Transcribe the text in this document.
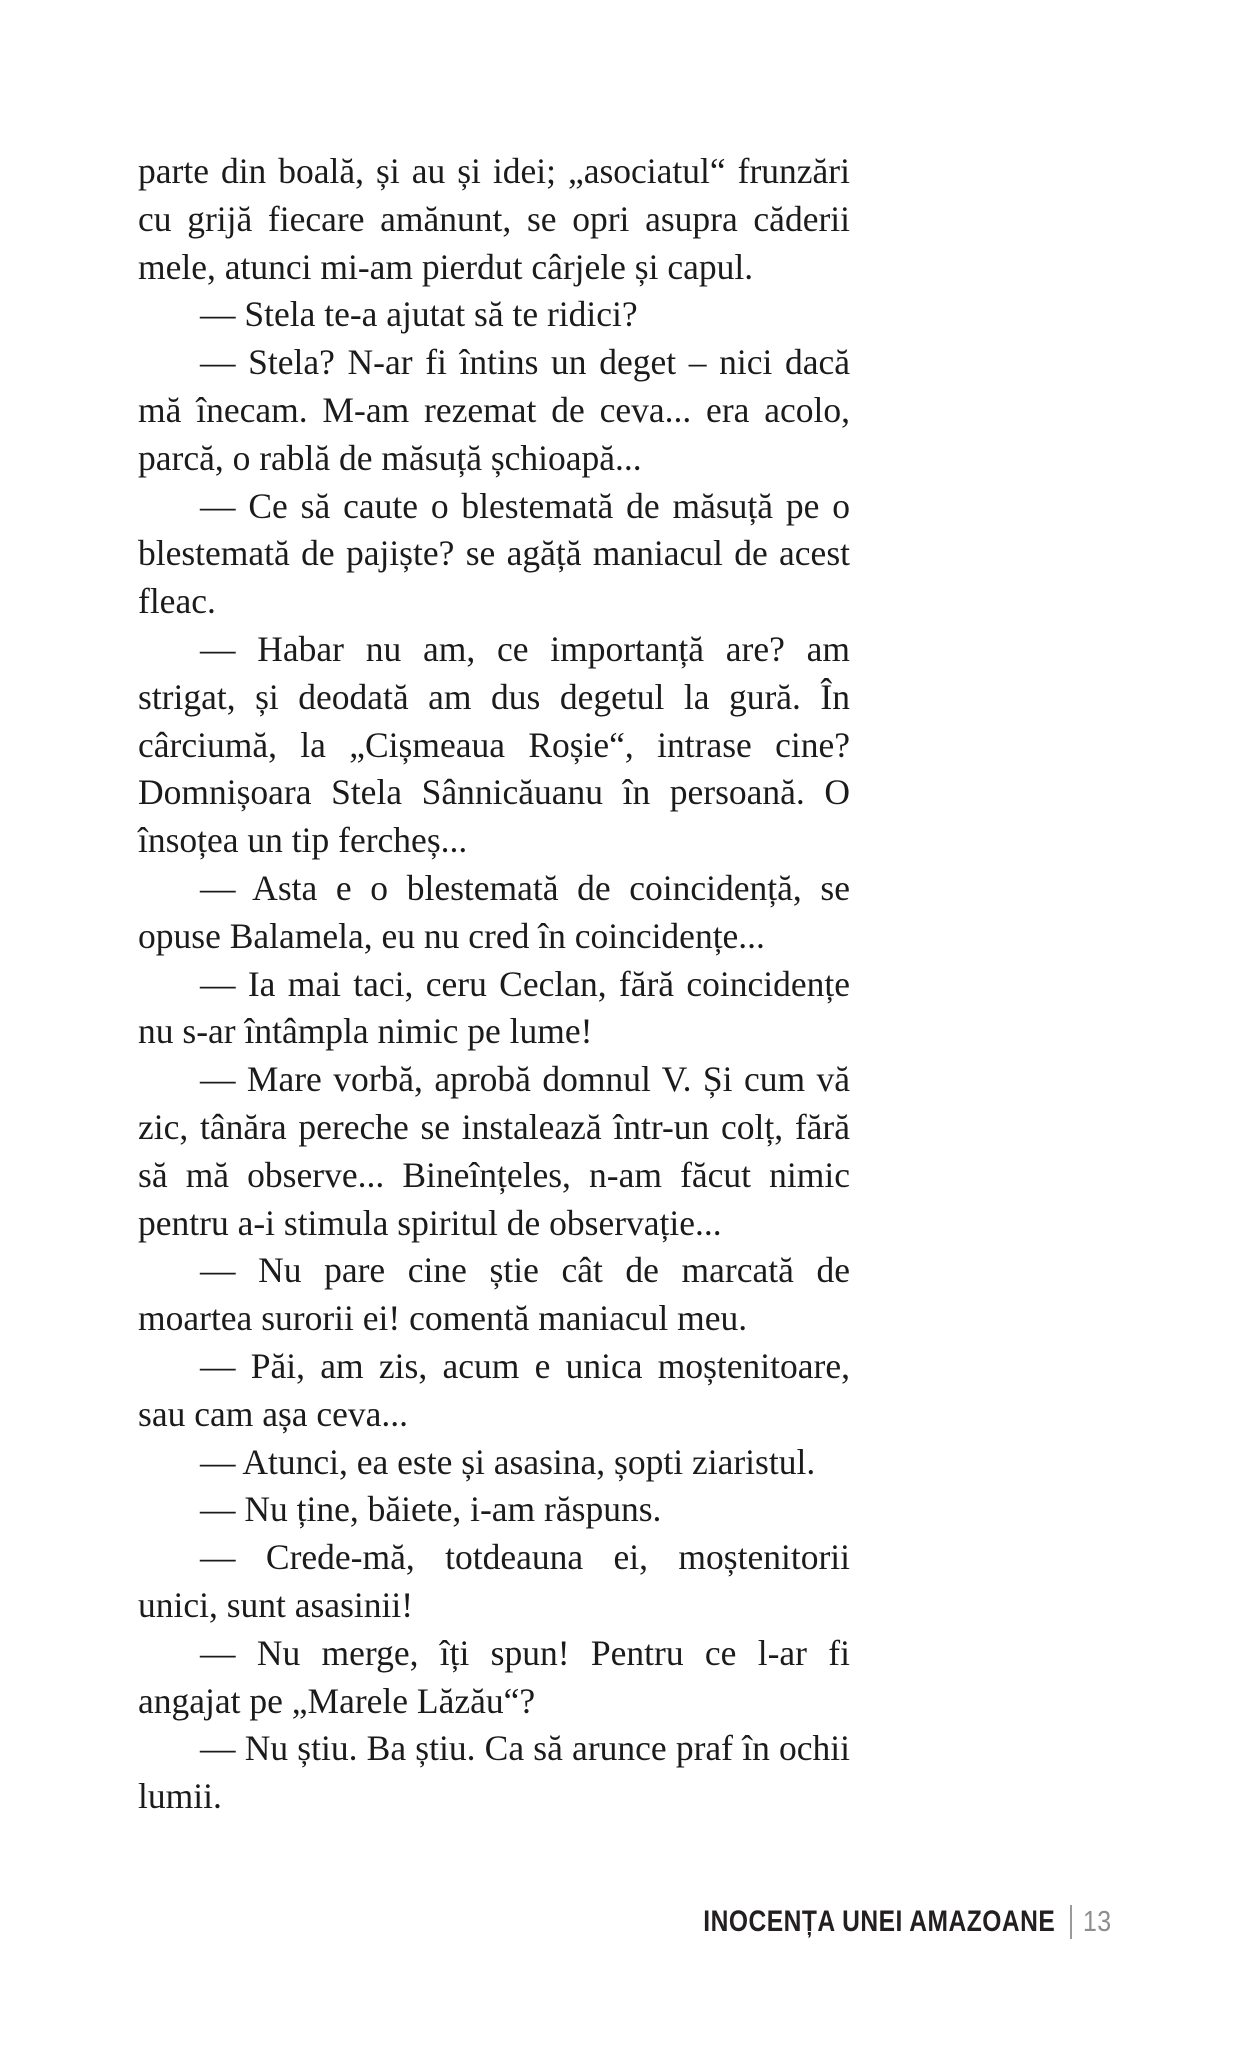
parte din boală, și au și idei; „asociatul“ frunzări cu grijă fiecare amănunt, se opri asupra căderii mele, atunci mi-am pierdut cârjele și capul.

— Stela te-a ajutat să te ridici?

— Stela? N-ar fi întins un deget – nici dacă mă înecam. M-am rezemat de ceva... era acolo, parcă, o rablă de măsuță șchioapă...

— Ce să caute o blestemată de măsuță pe o blestemată de pajiște? se agăță maniacul de acest fleac.

— Habar nu am, ce importanță are? am strigat, și deodată am dus degetul la gură. În cârciumă, la „Cișmeaua Roșie“, intrase cine? Domnișoara Stela Sânnicăuanu în persoană. O însoțea un tip fercheș...

— Asta e o blestemată de coincidență, se opuse Balamela, eu nu cred în coincidențe...

— Ia mai taci, ceru Ceclan, fără coincidențe nu s-ar întâmpla nimic pe lume!

— Mare vorbă, aprobă domnul V. Și cum vă zic, tânăra pereche se instalează într-un colț, fără să mă observe... Bineînțeles, n-am făcut nimic pentru a-i stimula spiritul de observație...

— Nu pare cine știe cât de marcată de moartea surorii ei! comentă maniacul meu.

— Păi, am zis, acum e unica moștenitoare, sau cam așa ceva...

— Atunci, ea este și asasina, șopti ziaristul.

— Nu ține, băiete, i-am răspuns.

— Crede-mă, totdeauna ei, moștenitorii unici, sunt asasinii!

— Nu merge, îți spun! Pentru ce l-ar fi angajat pe „Marele Lăzău“?

— Nu știu. Ba știu. Ca să arunce praf în ochii lumii.

INOCENȚA UNEI AMAZOANE 13
